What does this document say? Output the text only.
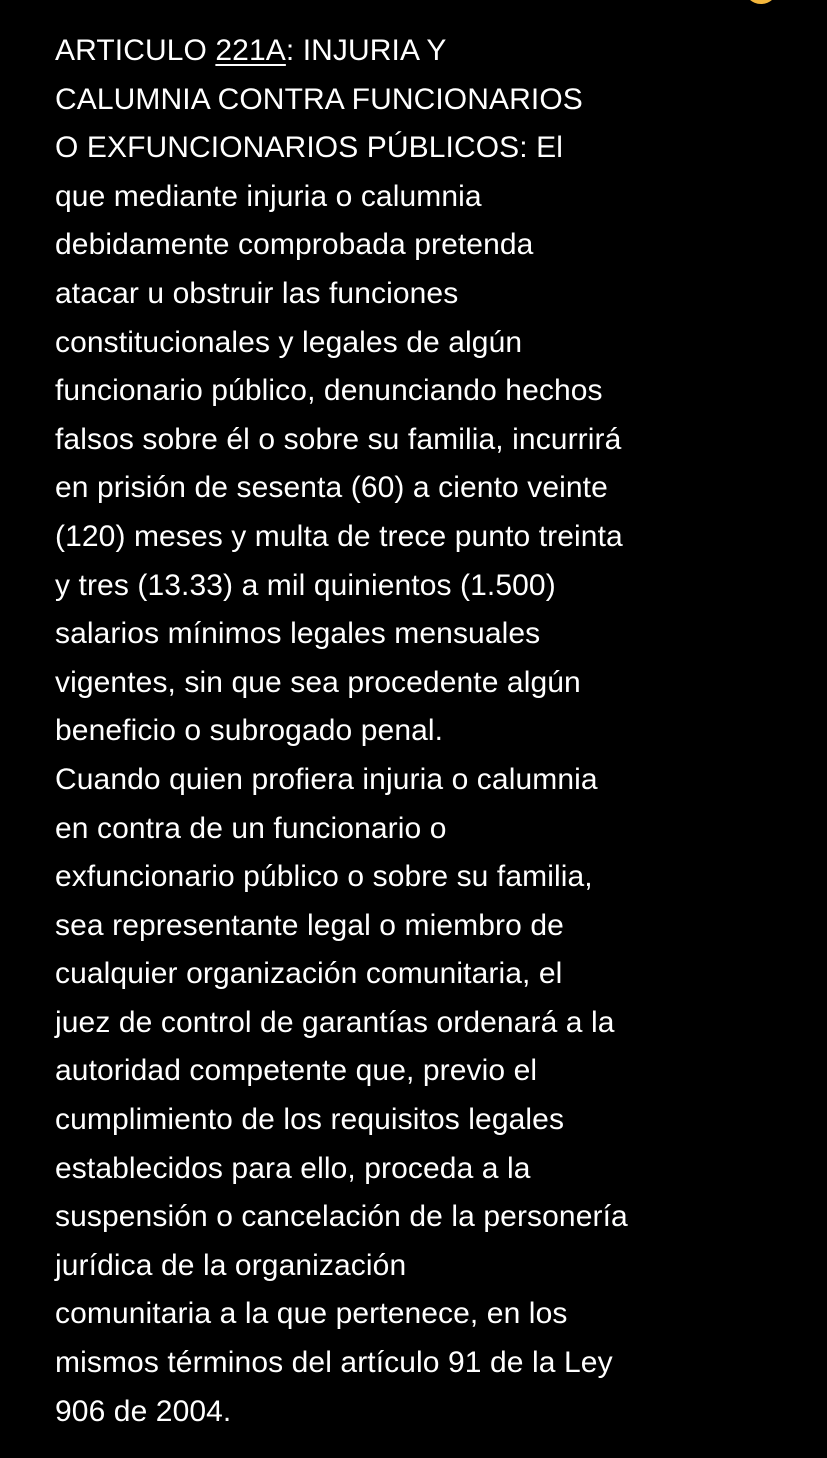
ARTICULO 221A: INJURIA Y
CALUMNIA CONTRA FUNCIONARIOS
O EXFUNCIONARIOS PÚBLICOS: El
que mediante injuria o calumnia
debidamente comprobada pretenda
atacar u obstruir las funciones
constitucionales y legales de algún
funcionario público, denunciando hechos
falsos sobre él o sobre su familia, incurrirá
en prisión de sesenta (60) a ciento veinte
(120) meses y multa de trece punto treinta
y tres (13.33) a mil quinientos (1.500)
salarios mínimos legales mensuales
vigentes, sin que sea procedente algún
beneficio o subrogado penal.
Cuando quien profiera injuria o calumnia
en contra de un funcionario o
exfuncionario público o sobre su familia,
sea representante legal o miembro de
cualquier organización comunitaria, el
juez de control de garantías ordenará a la
autoridad competente que, previo el
cumplimiento de los requisitos legales
establecidos para ello, proceda a la
suspensión o cancelación de la personería
jurídica de la organización
comunitaria a la que pertenece, en los
mismos términos del artículo 91 de la Ley
906 de 2004.
